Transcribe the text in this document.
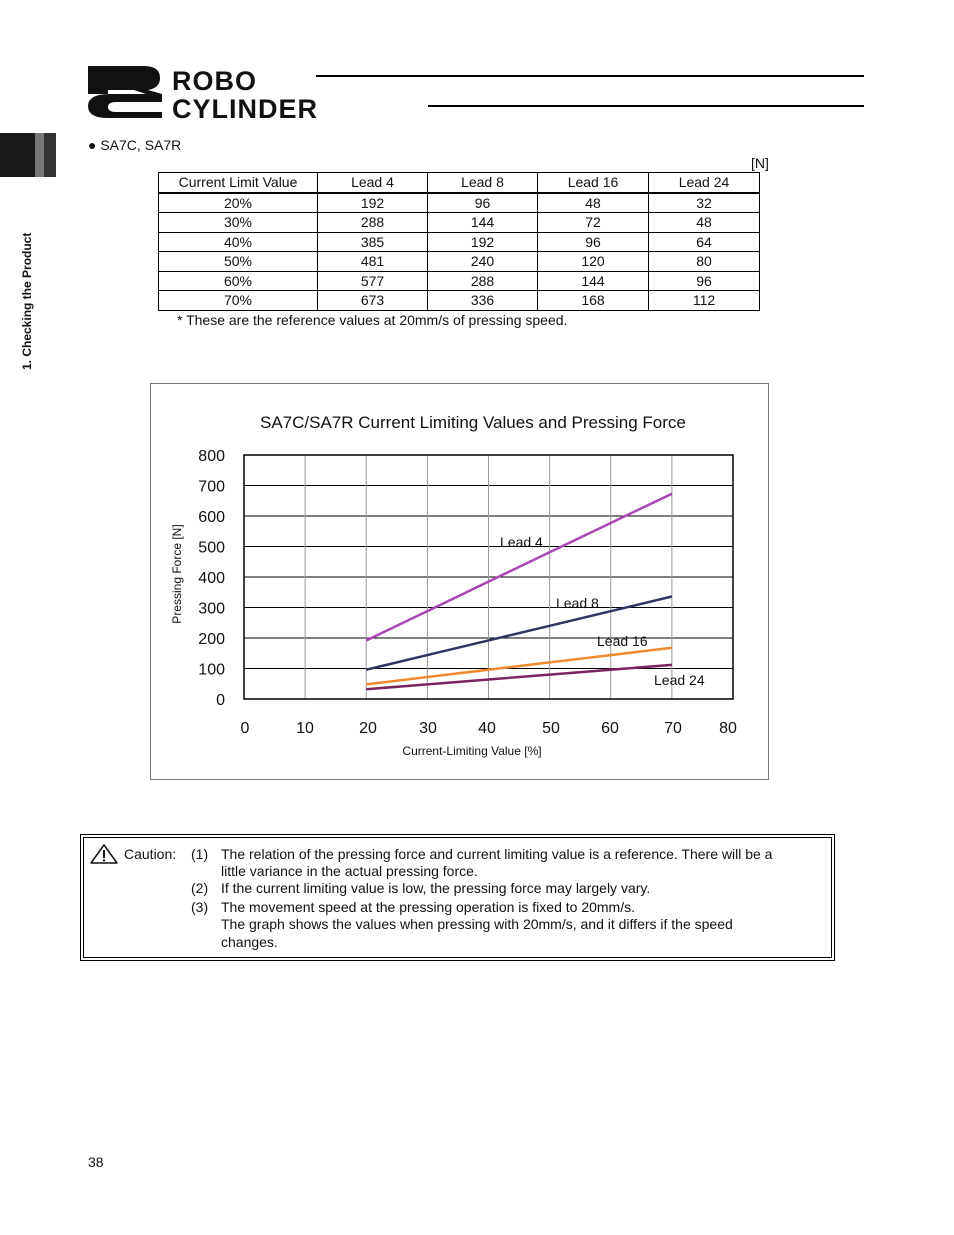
ROBO
CYLINDER
1. Checking the Product
● SA7C, SA7R
[N]
Current Limit Value	Lead 4	Lead 8	Lead 16	Lead 24
20%	192	96	48	32
30%	288	144	72	48
40%	385	192	96	64
50%	481	240	120	80
60%	577	288	144	96
70%	673	336	168	112
* These are the reference values at 20mm/s of pressing speed.
SA7C/SA7R Current Limiting Values and Pressing Force
0
100
200
300
400
500
600
700
800
0	10	20	30	40	50	60	70 80
Current-Limiting Value [%]
Pressing Force [N]	Lead 4
Lead 8
Lead 16
Lead 24
Caution: (1) The relation of the pressing force and current limiting value is a reference. There will be a
little variance in the actual pressing force.
(2) If the current limiting value is low, the pressing force may largely vary.
(3) The movement speed at the pressing operation is fixed to 20mm/s.
The graph shows the values when pressing with 20mm/s, and it differs if the speed
changes.
38
